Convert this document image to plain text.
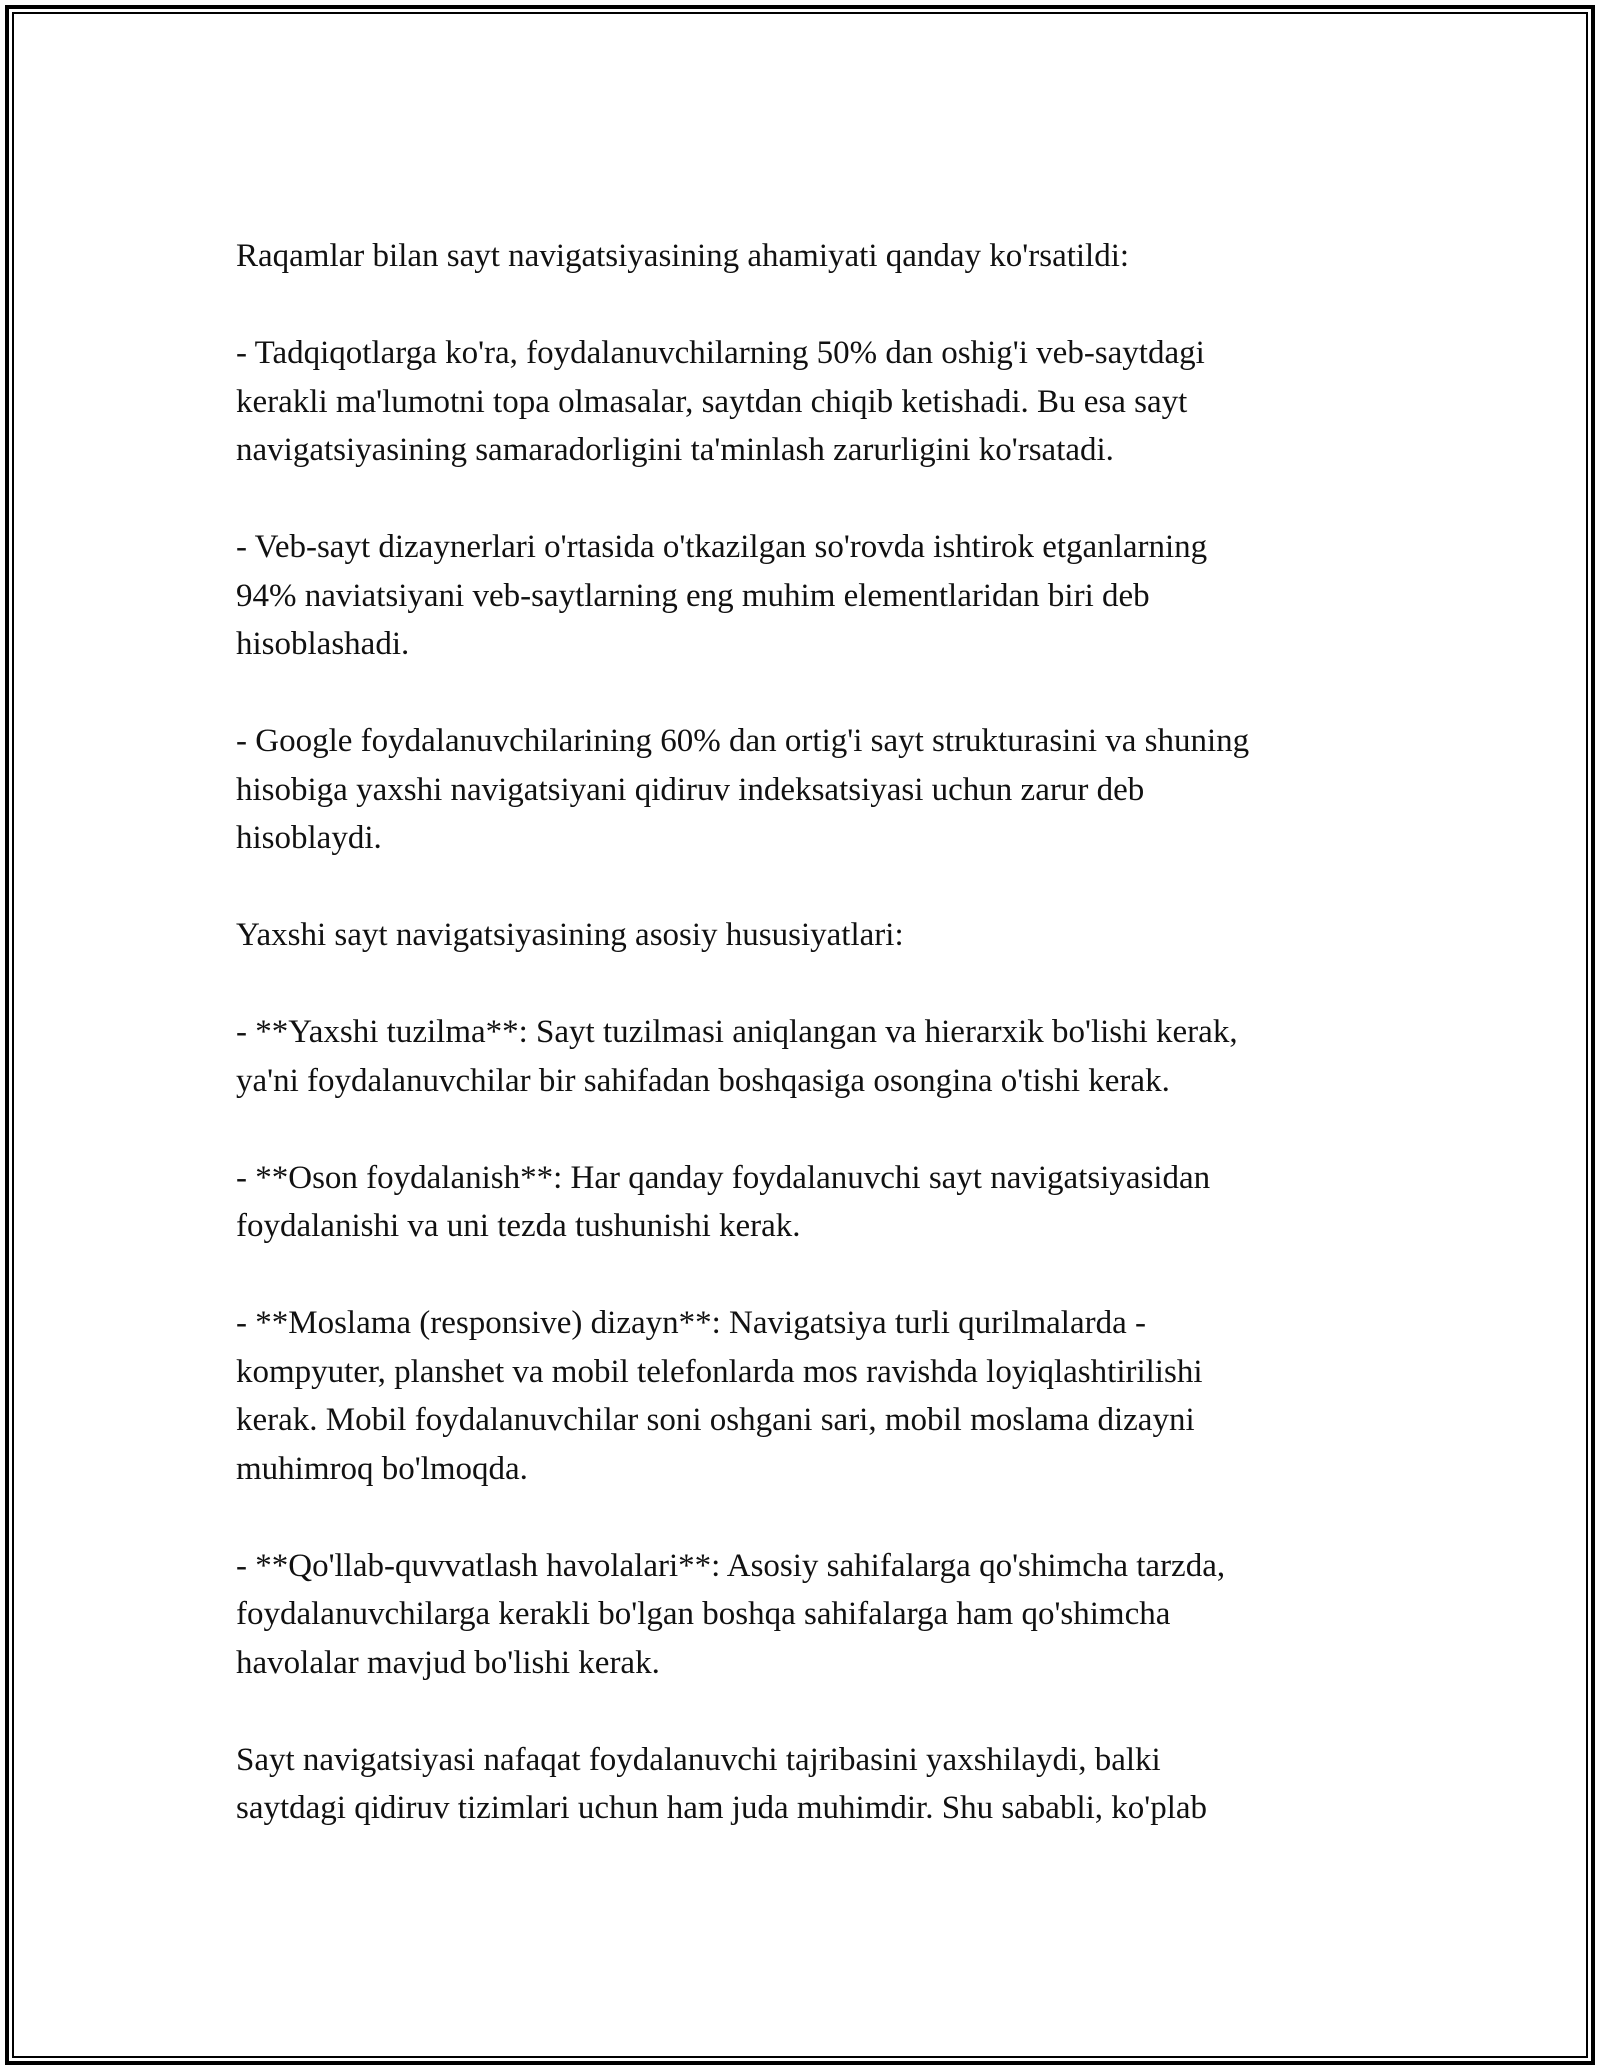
Raqamlar bilan sayt navigatsiyasining ahamiyati qanday ko'rsatildi:

- Tadqiqotlarga ko'ra, foydalanuvchilarning 50% dan oshig'i veb-saytdagi
kerakli ma'lumotni topa olmasalar, saytdan chiqib ketishadi. Bu esa sayt
navigatsiyasining samaradorligini ta'minlash zarurligini ko'rsatadi.

- Veb-sayt dizaynerlari o'rtasida o'tkazilgan so'rovda ishtirok etganlarning
94% naviatsiyani veb-saytlarning eng muhim elementlaridan biri deb
hisoblashadi.

- Google foydalanuvchilarining 60% dan ortig'i sayt strukturasini va shuning
hisobiga yaxshi navigatsiyani qidiruv indeksatsiyasi uchun zarur deb
hisoblaydi.

Yaxshi sayt navigatsiyasining asosiy hususiyatlari:

- **Yaxshi tuzilma**: Sayt tuzilmasi aniqlangan va hierarxik bo'lishi kerak,
ya'ni foydalanuvchilar bir sahifadan boshqasiga osongina o'tishi kerak.

- **Oson foydalanish**: Har qanday foydalanuvchi sayt navigatsiyasidan
foydalanishi va uni tezda tushunishi kerak.

- **Moslama (responsive) dizayn**: Navigatsiya turli qurilmalarda -
kompyuter, planshet va mobil telefonlarda mos ravishda loyiqlashtirilishi
kerak. Mobil foydalanuvchilar soni oshgani sari, mobil moslama dizayni
muhimroq bo'lmoqda.

- **Qo'llab-quvvatlash havolalari**: Asosiy sahifalarga qo'shimcha tarzda,
foydalanuvchilarga kerakli bo'lgan boshqa sahifalarga ham qo'shimcha
havolalar mavjud bo'lishi kerak.

Sayt navigatsiyasi nafaqat foydalanuvchi tajribasini yaxshilaydi, balki
saytdagi qidiruv tizimlari uchun ham juda muhimdir. Shu sababli, ko'plab
